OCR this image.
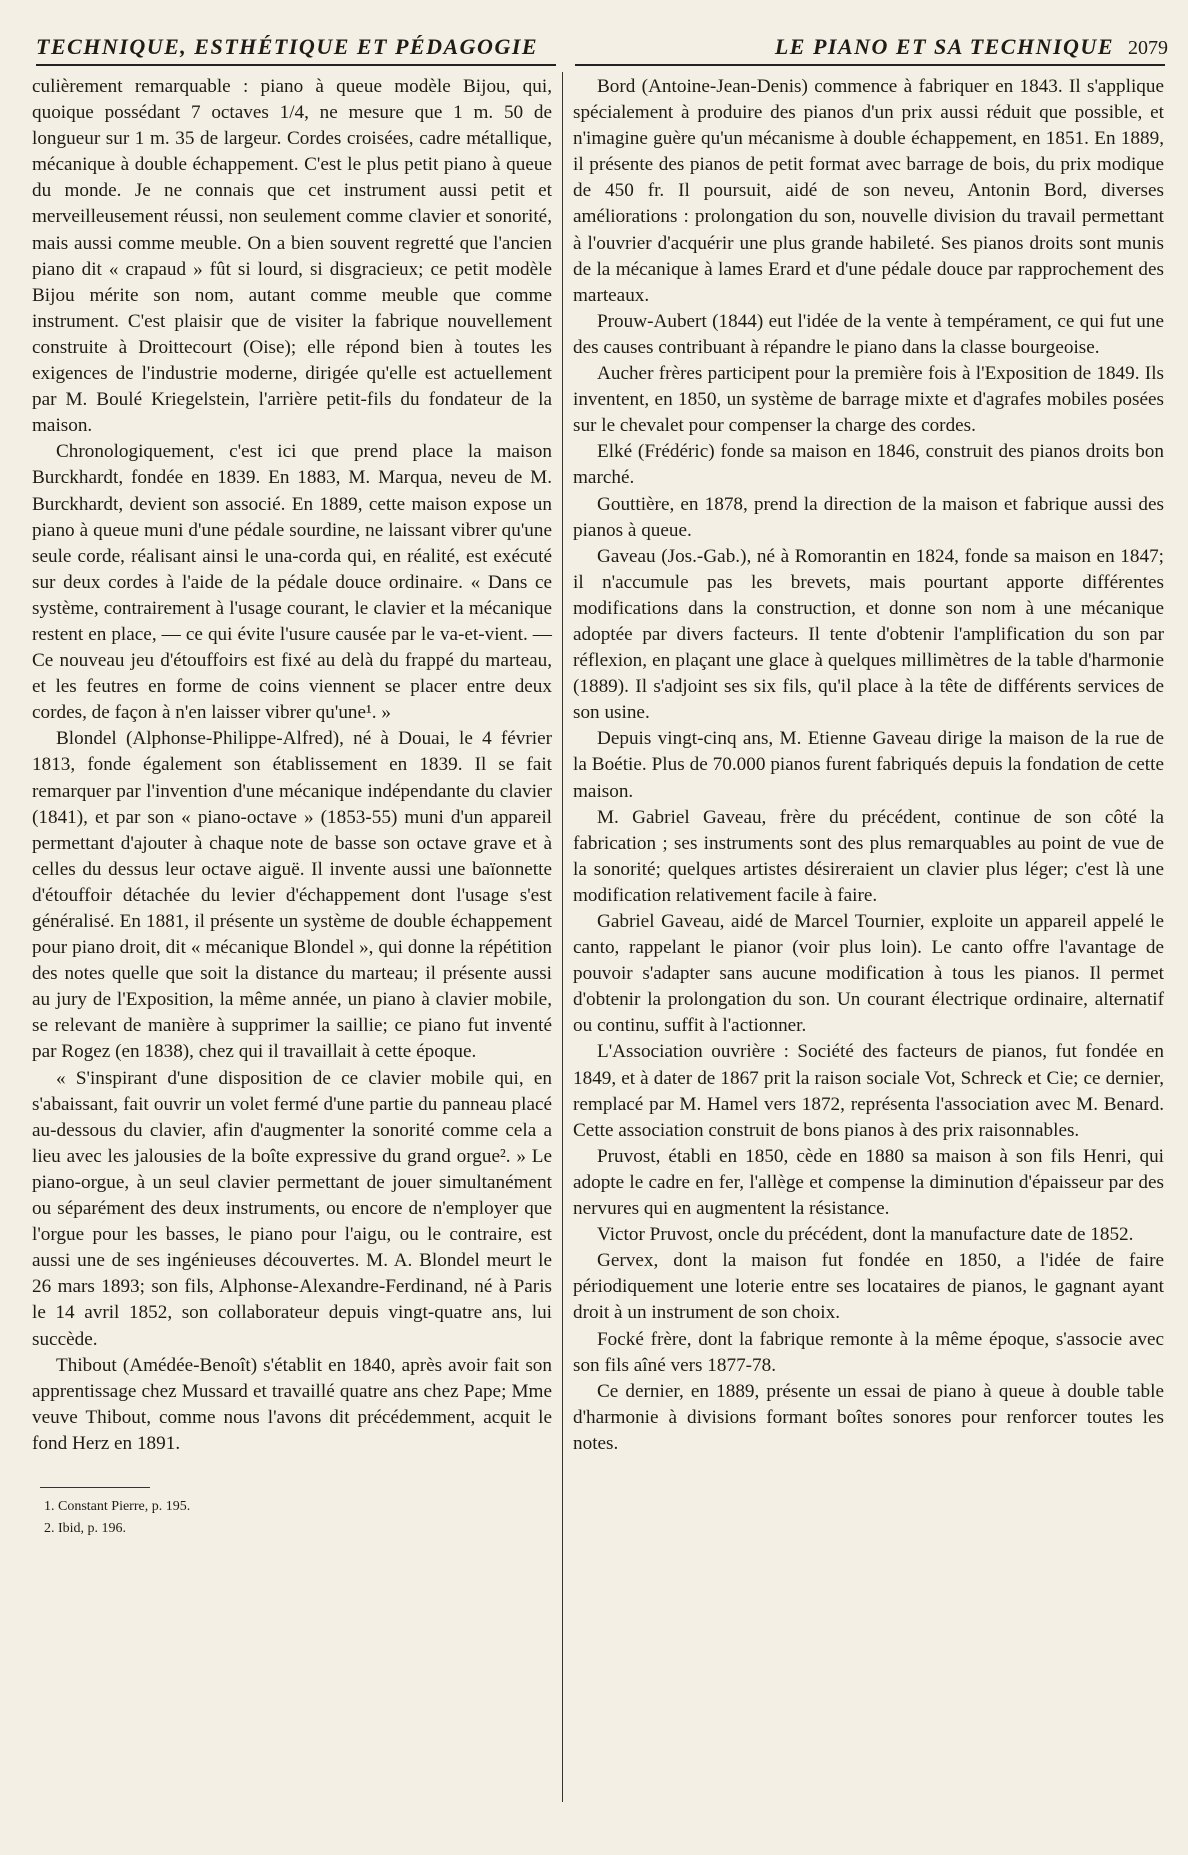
TECHNIQUE, ESTHÉTIQUE ET PÉDAGOGIE	LE PIANO ET SA TECHNIQUE 2079

culièrement remarquable : piano à queue modèle Bijou, qui, quoique possédant 7 octaves 1/4, ne mesure que 1 m. 50 de longueur sur 1 m. 35 de largeur. Cordes croisées, cadre métallique, mécanique à double échappement. C'est le plus petit piano à queue du monde. Je ne connais que cet instrument aussi petit et merveilleusement réussi, non seulement comme clavier et sonorité, mais aussi comme meuble. On a bien souvent regretté que l'ancien piano dit « crapaud » fût si lourd, si disgracieux; ce petit modèle Bijou mérite son nom, autant comme meuble que comme instrument. C'est plaisir que de visiter la fabrique nouvellement construite à Droittecourt (Oise); elle répond bien à toutes les exigences de l'industrie moderne, dirigée qu'elle est actuellement par M. Boulé Kriegelstein, l'arrière petit-fils du fondateur de la maison.

Chronologiquement, c'est ici que prend place la maison Burckhardt, fondée en 1839. En 1883, M. Marqua, neveu de M. Burckhardt, devient son associé. En 1889, cette maison expose un piano à queue muni d'une pédale sourdine, ne laissant vibrer qu'une seule corde, réalisant ainsi le una-corda qui, en réalité, est exécuté sur deux cordes à l'aide de la pédale douce ordinaire. « Dans ce système, contrairement à l'usage courant, le clavier et la mécanique restent en place, — ce qui évite l'usure causée par le va-et-vient. — Ce nouveau jeu d'étouffoirs est fixé au delà du frappé du marteau, et les feutres en forme de coins viennent se placer entre deux cordes, de façon à n'en laisser vibrer qu'une¹. »

Blondel (Alphonse-Philippe-Alfred), né à Douai, le 4 février 1813, fonde également son établissement en 1839. Il se fait remarquer par l'invention d'une mécanique indépendante du clavier (1841), et par son « piano-octave » (1853-55) muni d'un appareil permettant d'ajouter à chaque note de basse son octave grave et à celles du dessus leur octave aiguë. Il invente aussi une baïonnette d'étouffoir détachée du levier d'échappement dont l'usage s'est généralisé. En 1881, il présente un système de double échappement pour piano droit, dit « mécanique Blondel », qui donne la répétition des notes quelle que soit la distance du marteau; il présente aussi au jury de l'Exposition, la même année, un piano à clavier mobile, se relevant de manière à supprimer la saillie; ce piano fut inventé par Rogez (en 1838), chez qui il travaillait à cette époque.

« S'inspirant d'une disposition de ce clavier mobile qui, en s'abaissant, fait ouvrir un volet fermé d'une partie du panneau placé au-dessous du clavier, afin d'augmenter la sonorité comme cela a lieu avec les jalousies de la boîte expressive du grand orgue². » Le piano-orgue, à un seul clavier permettant de jouer simultanément ou séparément des deux instruments, ou encore de n'employer que l'orgue pour les basses, le piano pour l'aigu, ou le contraire, est aussi une de ses ingénieuses découvertes. M. A. Blondel meurt le 26 mars 1893; son fils, Alphonse-Alexandre-Ferdinand, né à Paris le 14 avril 1852, son collaborateur depuis vingt-quatre ans, lui succède.

Thibout (Amédée-Benoît) s'établit en 1840, après avoir fait son apprentissage chez Mussard et travaillé quatre ans chez Pape; Mme veuve Thibout, comme nous l'avons dit précédemment, acquit le fond Herz en 1891.

1. Constant Pierre, p. 195.
2. Ibid, p. 196.

Bord (Antoine-Jean-Denis) commence à fabriquer en 1843. Il s'applique spécialement à produire des pianos d'un prix aussi réduit que possible, et n'imagine guère qu'un mécanisme à double échappement, en 1851. En 1889, il présente des pianos de petit format avec barrage de bois, du prix modique de 450 fr. Il poursuit, aidé de son neveu, Antonin Bord, diverses améliorations : prolongation du son, nouvelle division du travail permettant à l'ouvrier d'acquérir une plus grande habileté. Ses pianos droits sont munis de la mécanique à lames Erard et d'une pédale douce par rapprochement des marteaux.

Prouw-Aubert (1844) eut l'idée de la vente à tempérament, ce qui fut une des causes contribuant à répandre le piano dans la classe bourgeoise.

Aucher frères participent pour la première fois à l'Exposition de 1849. Ils inventent, en 1850, un système de barrage mixte et d'agrafes mobiles posées sur le chevalet pour compenser la charge des cordes.

Elké (Frédéric) fonde sa maison en 1846, construit des pianos droits bon marché.

Gouttière, en 1878, prend la direction de la maison et fabrique aussi des pianos à queue.

Gaveau (Jos.-Gab.), né à Romorantin en 1824, fonde sa maison en 1847; il n'accumule pas les brevets, mais pourtant apporte différentes modifications dans la construction, et donne son nom à une mécanique adoptée par divers facteurs. Il tente d'obtenir l'amplification du son par réflexion, en plaçant une glace à quelques millimètres de la table d'harmonie (1889). Il s'adjoint ses six fils, qu'il place à la tête de différents services de son usine.

Depuis vingt-cinq ans, M. Etienne Gaveau dirige la maison de la rue de la Boétie. Plus de 70.000 pianos furent fabriqués depuis la fondation de cette maison.

M. Gabriel Gaveau, frère du précédent, continue de son côté la fabrication ; ses instruments sont des plus remarquables au point de vue de la sonorité; quelques artistes désireraient un clavier plus léger; c'est là une modification relativement facile à faire.

Gabriel Gaveau, aidé de Marcel Tournier, exploite un appareil appelé le canto, rappelant le pianor (voir plus loin). Le canto offre l'avantage de pouvoir s'adapter sans aucune modification à tous les pianos. Il permet d'obtenir la prolongation du son. Un courant électrique ordinaire, alternatif ou continu, suffit à l'actionner.

L'Association ouvrière : Société des facteurs de pianos, fut fondée en 1849, et à dater de 1867 prit la raison sociale Vot, Schreck et Cie; ce dernier, remplacé par M. Hamel vers 1872, représenta l'association avec M. Benard. Cette association construit de bons pianos à des prix raisonnables.

Pruvost, établi en 1850, cède en 1880 sa maison à son fils Henri, qui adopte le cadre en fer, l'allège et compense la diminution d'épaisseur par des nervures qui en augmentent la résistance.

Victor Pruvost, oncle du précédent, dont la manufacture date de 1852.

Gervex, dont la maison fut fondée en 1850, a l'idée de faire périodiquement une loterie entre ses locataires de pianos, le gagnant ayant droit à un instrument de son choix.

Focké frère, dont la fabrique remonte à la même époque, s'associe avec son fils aîné vers 1877-78.

Ce dernier, en 1889, présente un essai de piano à queue à double table d'harmonie à divisions formant boîtes sonores pour renforcer toutes les notes.
